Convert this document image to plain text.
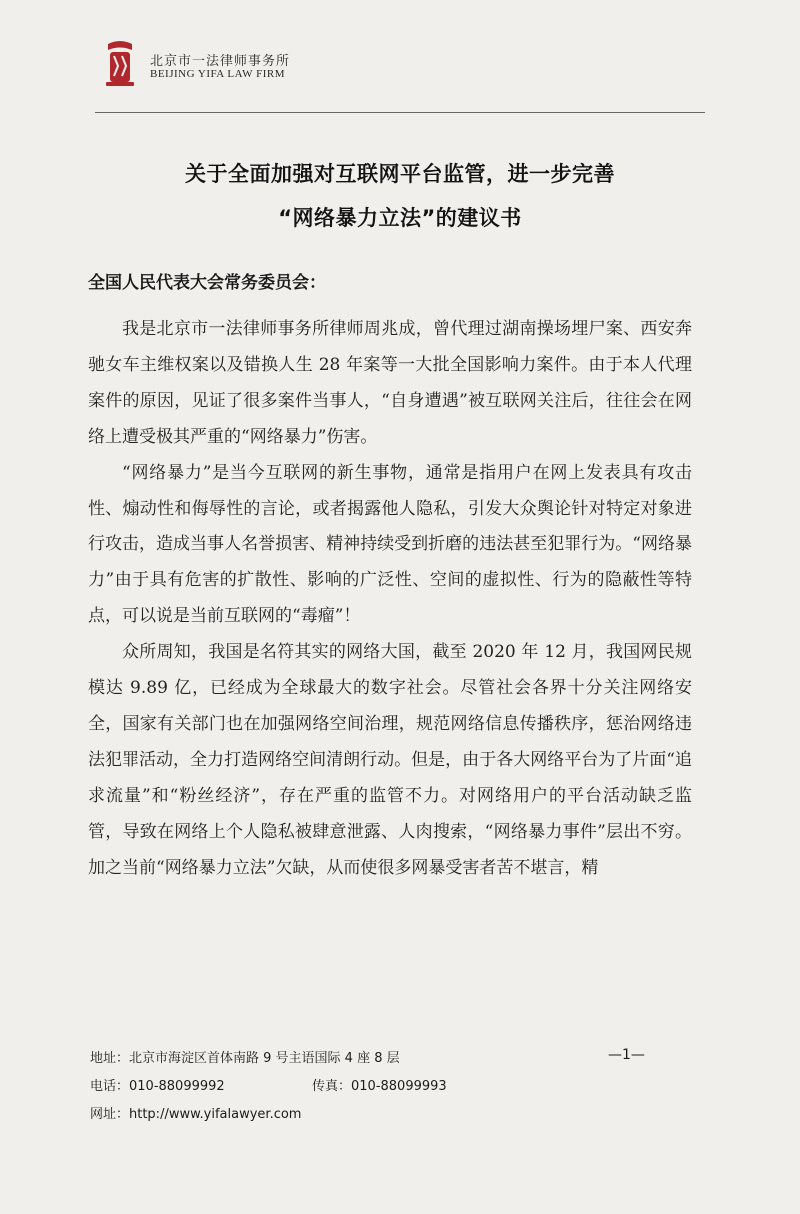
北京市一法律师事务所
BEIJING YIFA LAW FIRM
关于全面加强对互联网平台监管，进一步完善
“网络暴力立法”的建议书
全国人民代表大会常务委员会：

我是北京市一法律师事务所律师周兆成，曾代理过湖南操场埋尸案、西安奔驰女车主维权案以及错换人生 28 年案等一大批全国影响力案件。由于本人代理案件的原因，见证了很多案件当事人，“自身遭遇”被互联网关注后，往往会在网络上遭受极其严重的“网络暴力”伤害。

“网络暴力”是当今互联网的新生事物，通常是指用户在网上发表具有攻击性、煽动性和侮辱性的言论，或者揭露他人隐私，引发大众舆论针对特定对象进行攻击，造成当事人名誉损害、精神持续受到折磨的违法甚至犯罪行为。“网络暴力”由于具有危害的扩散性、影响的广泛性、空间的虚拟性、行为的隐蔽性等特点，可以说是当前互联网的“毒瘤”！

众所周知，我国是名符其实的网络大国，截至 2020 年 12 月，我国网民规模达 9.89 亿，已经成为全球最大的数字社会。尽管社会各界十分关注网络安全，国家有关部门也在加强网络空间治理，规范网络信息传播秩序，惩治网络违法犯罪活动，全力打造网络空间清朗行动。但是，由于各大网络平台为了片面“追求流量”和“粉丝经济”，存在严重的监管不力。对网络用户的平台活动缺乏监管，导致在网络上个人隐私被肆意泄露、人肉搜索，“网络暴力事件”层出不穷。加之当前“网络暴力立法”欠缺，从而使很多网暴受害者苦不堪言，精

地址：北京市海淀区首体南路 9 号主语国际 4 座 8 层	—1—
电话：010-88099992	传真：010-88099993
网址：http://www.yifalawyer.com
